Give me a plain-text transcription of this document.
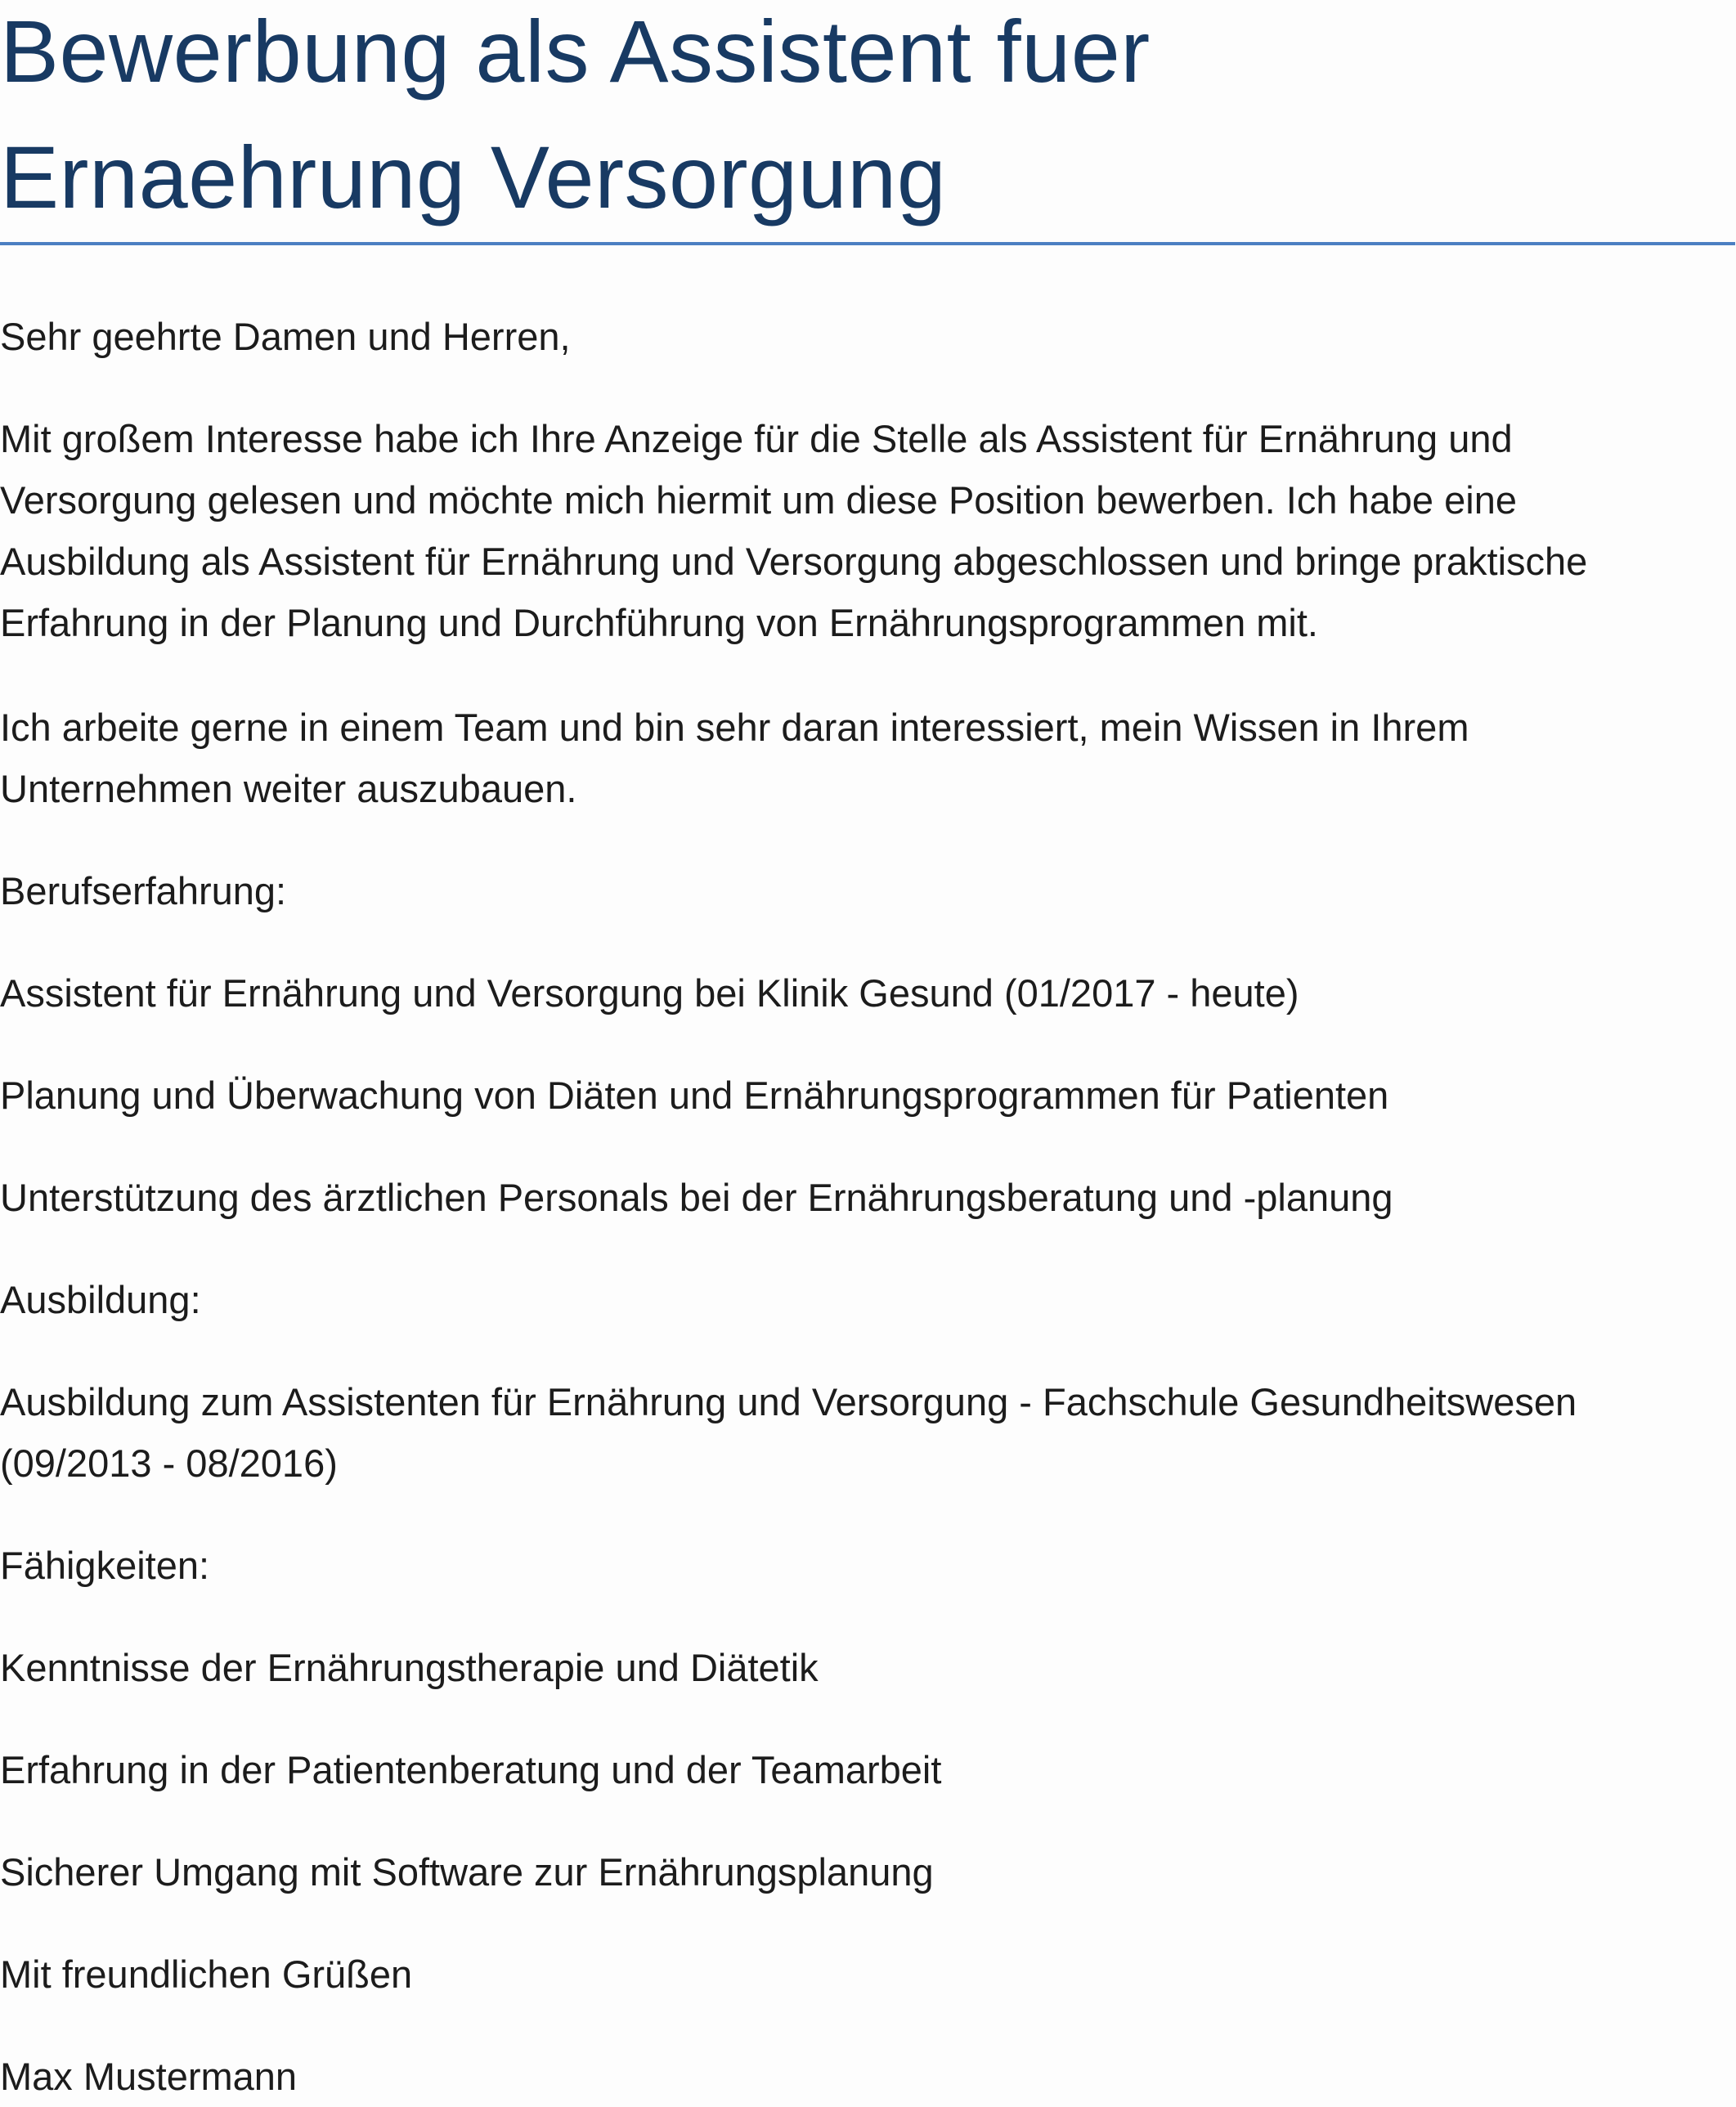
Bewerbung als Assistent fuer
Ernaehrung Versorgung

Sehr geehrte Damen und Herren,

Mit großem Interesse habe ich Ihre Anzeige für die Stelle als Assistent für Ernährung und
Versorgung gelesen und möchte mich hiermit um diese Position bewerben. Ich habe eine
Ausbildung als Assistent für Ernährung und Versorgung abgeschlossen und bringe praktische
Erfahrung in der Planung und Durchführung von Ernährungsprogrammen mit.
Ich arbeite gerne in einem Team und bin sehr daran interessiert, mein Wissen in Ihrem
Unternehmen weiter auszubauen.

Berufserfahrung:

Assistent für Ernährung und Versorgung bei Klinik Gesund (01/2017 - heute)

Planung und Überwachung von Diäten und Ernährungsprogrammen für Patienten

Unterstützung des ärztlichen Personals bei der Ernährungsberatung und -planung

Ausbildung:

Ausbildung zum Assistenten für Ernährung und Versorgung - Fachschule Gesundheitswesen
(09/2013 - 08/2016)

Fähigkeiten:

Kenntnisse der Ernährungstherapie und Diätetik

Erfahrung in der Patientenberatung und der Teamarbeit

Sicherer Umgang mit Software zur Ernährungsplanung

Mit freundlichen Grüßen

Max Mustermann
